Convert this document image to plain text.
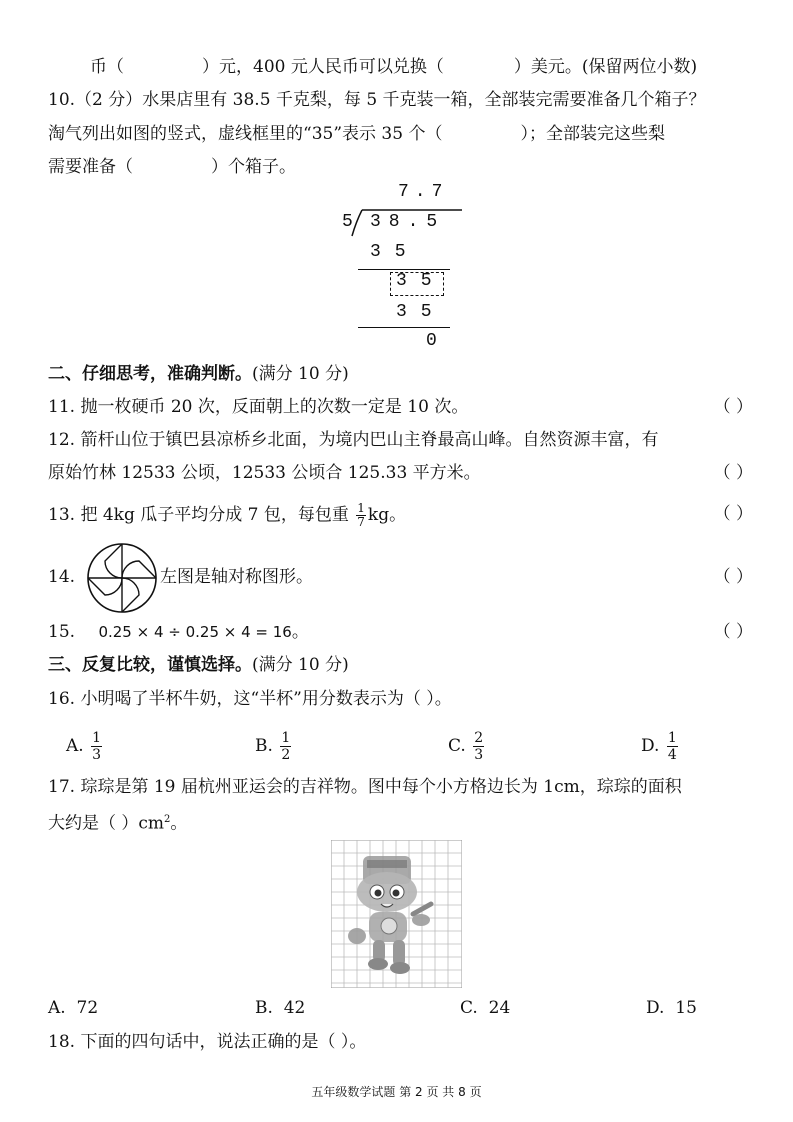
币（	）元，400 元人民币可以兑换（	）美元。(保留两位小数)
10.（2 分）水果店里有 38.5 千克梨，每 5 千克装一箱，全部装完需要准备几个箱子？
淘气列出如图的竖式，虚线框里的“35”表示 35 个（	）；全部装完这些梨
需要准备（	）个箱子。
7.7
5 38.5
35
35
35
0
二、仔细思考，准确判断。(满分 10 分)
11. 抛一枚硬币 20 次，反面朝上的次数一定是 10 次。	（ ）
12. 箭杆山位于镇巴县凉桥乡北面，为境内巴山主脊最高山峰。自然资源丰富，有
原始竹林 12533 公顷，12533 公顷合 125.33 平方米。	（ ）
13. 把 4kg 瓜子平均分成 7 包，每包重 $\frac{1}{7}$ kg。	（ ）
14.	左图是轴对称图形。	（ ）
15. 0.25 × 4 ÷ 0.25 × 4 = 16。	（ ）
三、反复比较，谨慎选择。(满分 10 分)
16. 小明喝了半杯牛奶，这“半杯”用分数表示为（ ）。
A. $\frac{1}{3}$	B. $\frac{1}{2}$	C. $\frac{2}{3}$	D. $\frac{1}{4}$
17. 琮琮是第 19 届杭州亚运会的吉祥物。图中每个小方格边长为 1cm，琮琮的面积
大约是（ ）$cm^2$。
A. 72	B. 42	C. 24	D. 15
18. 下面的四句话中，说法正确的是（ ）。
五年级数学试题 第 2 页 共 8 页
